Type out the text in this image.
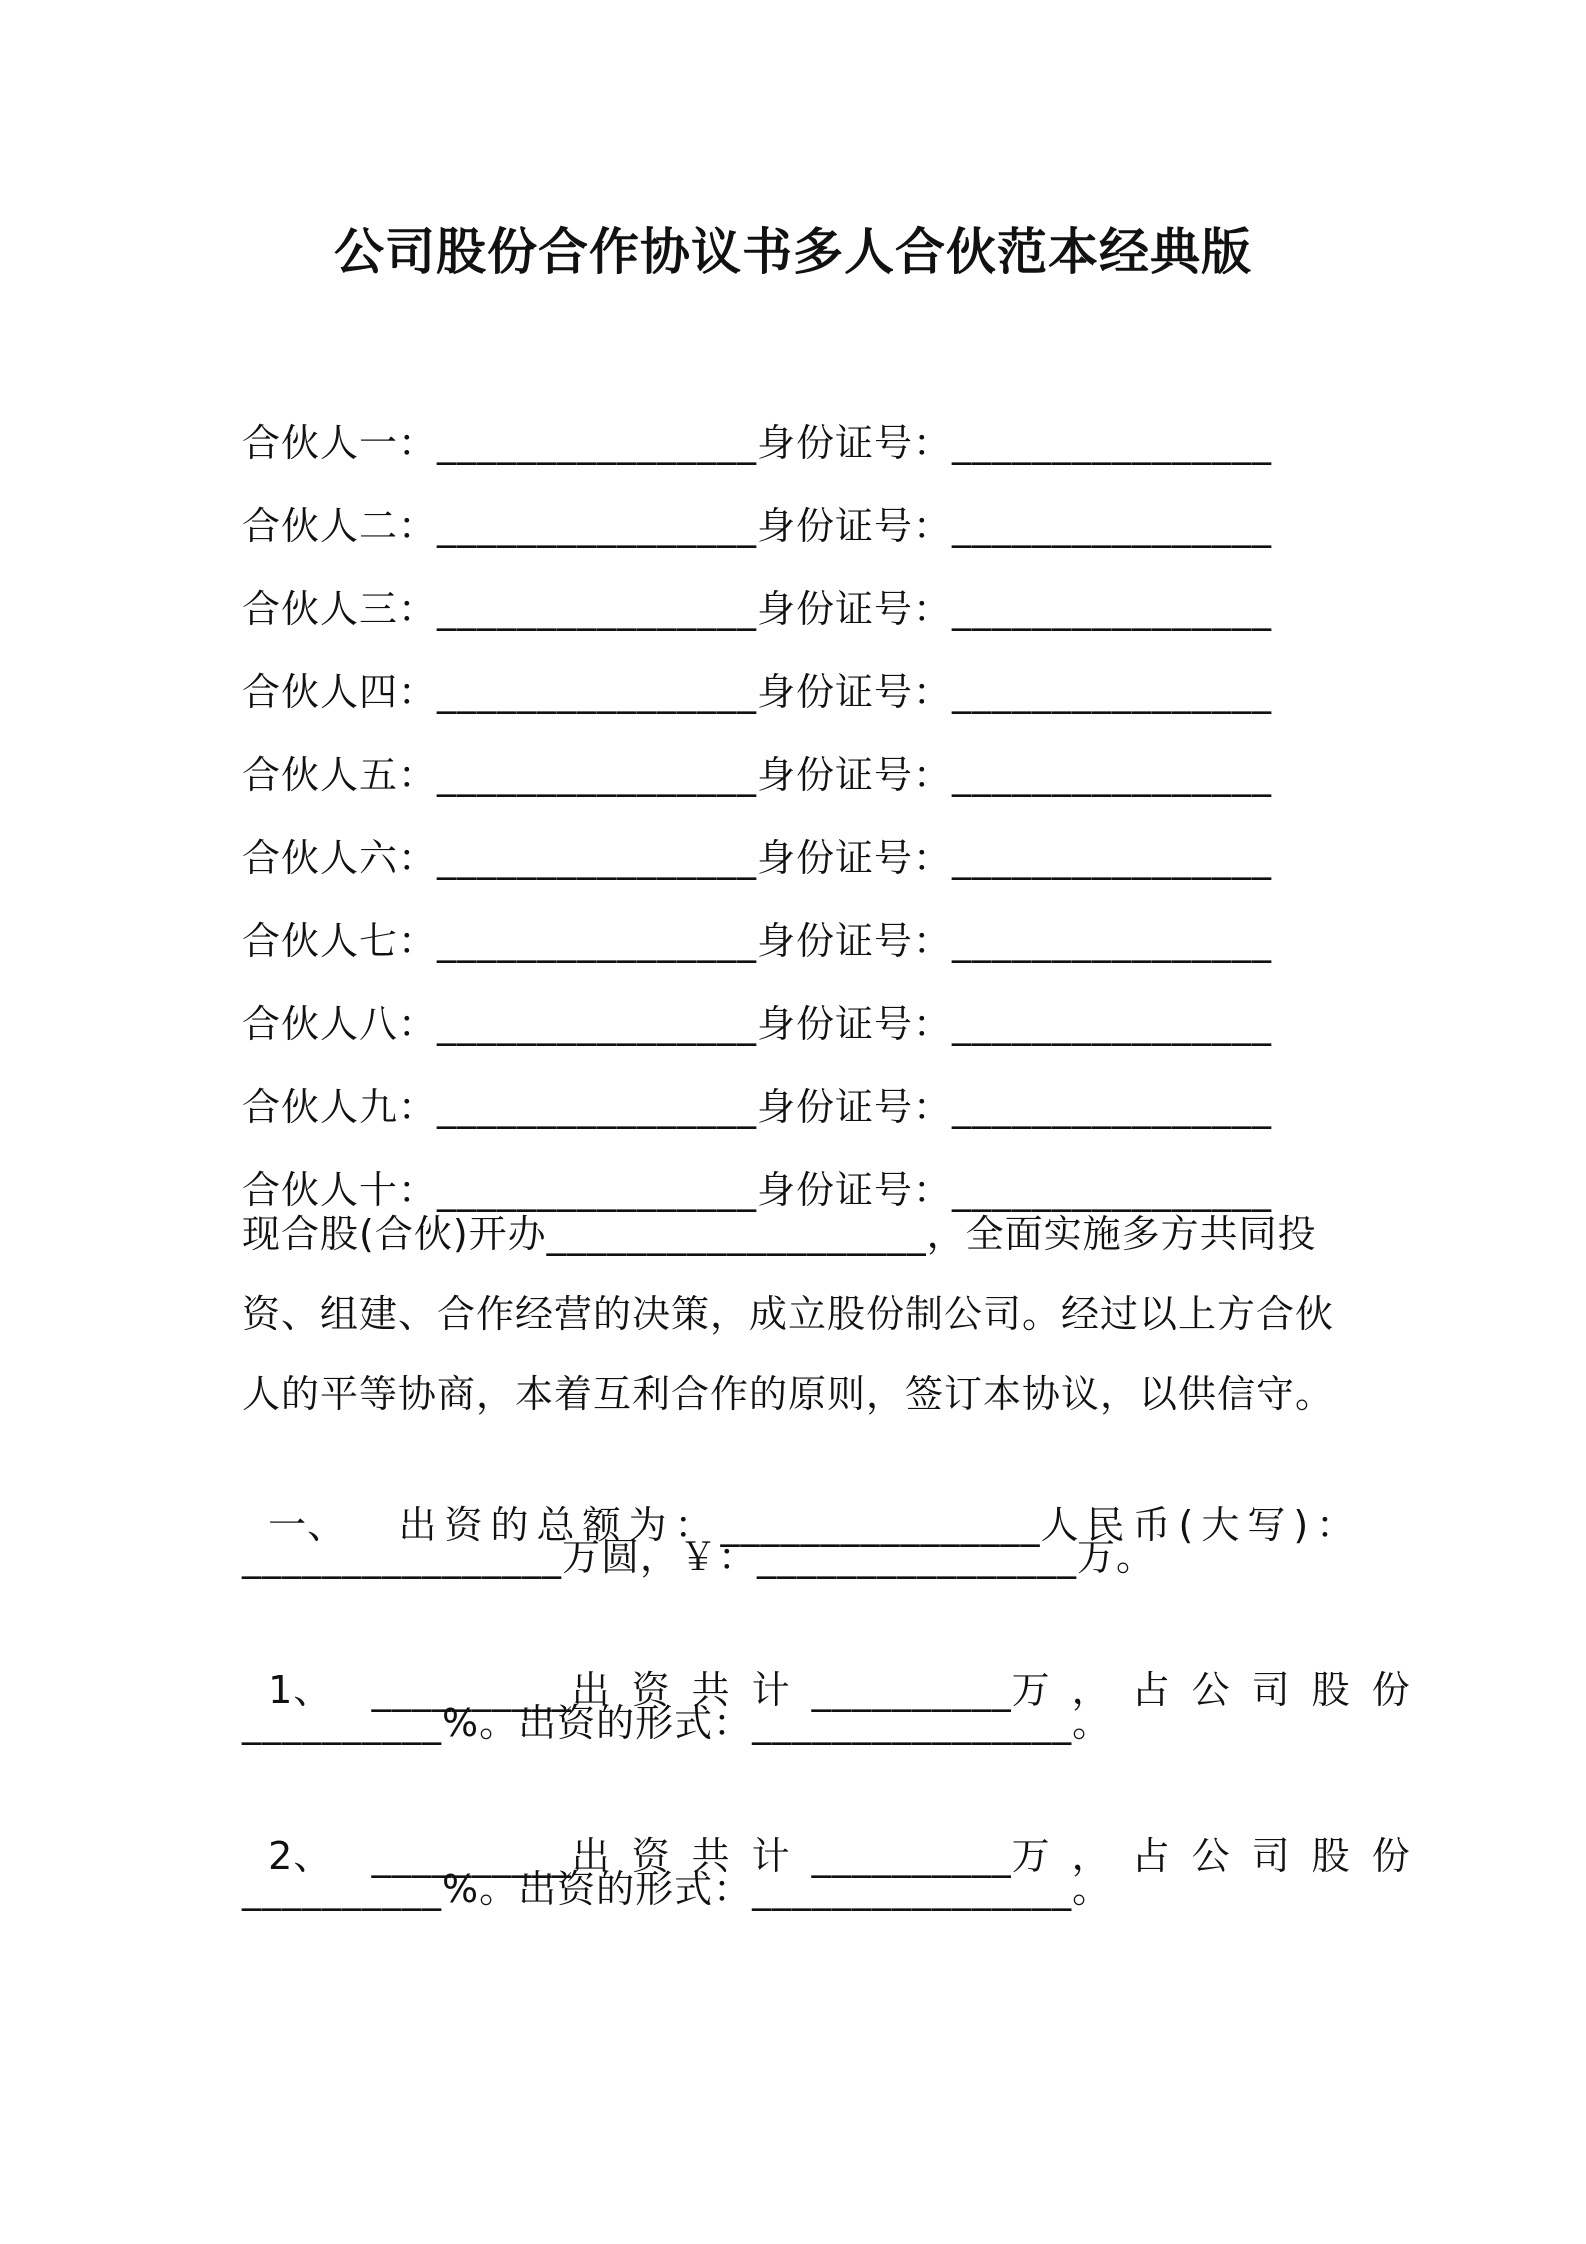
公司股份合作协议书多人合伙范本经典版
合伙人一：________________身份证号：________________
合伙人二：________________身份证号：________________
合伙人三：________________身份证号：________________
合伙人四：________________身份证号：________________
合伙人五：________________身份证号：________________
合伙人六：________________身份证号：________________
合伙人七：________________身份证号：________________
合伙人八：________________身份证号：________________
合伙人九：________________身份证号：________________
合伙人十：________________身份证号：________________
现合股(合伙)开办___________________，全面实施多方共同投
资、组建、合作经营的决策，成立股份制公司。经过以上方合伙
人的平等协商，本着互利合作的原则，签订本协议，以供信守。

一、 出资的总额为：________________人民币(大写)：

________________万圆，￥：________________万。

1、 __________出资共计__________万，占公司股份

__________%。出资的形式：________________。

2、 __________出资共计__________万，占公司股份

__________%。出资的形式：________________。
